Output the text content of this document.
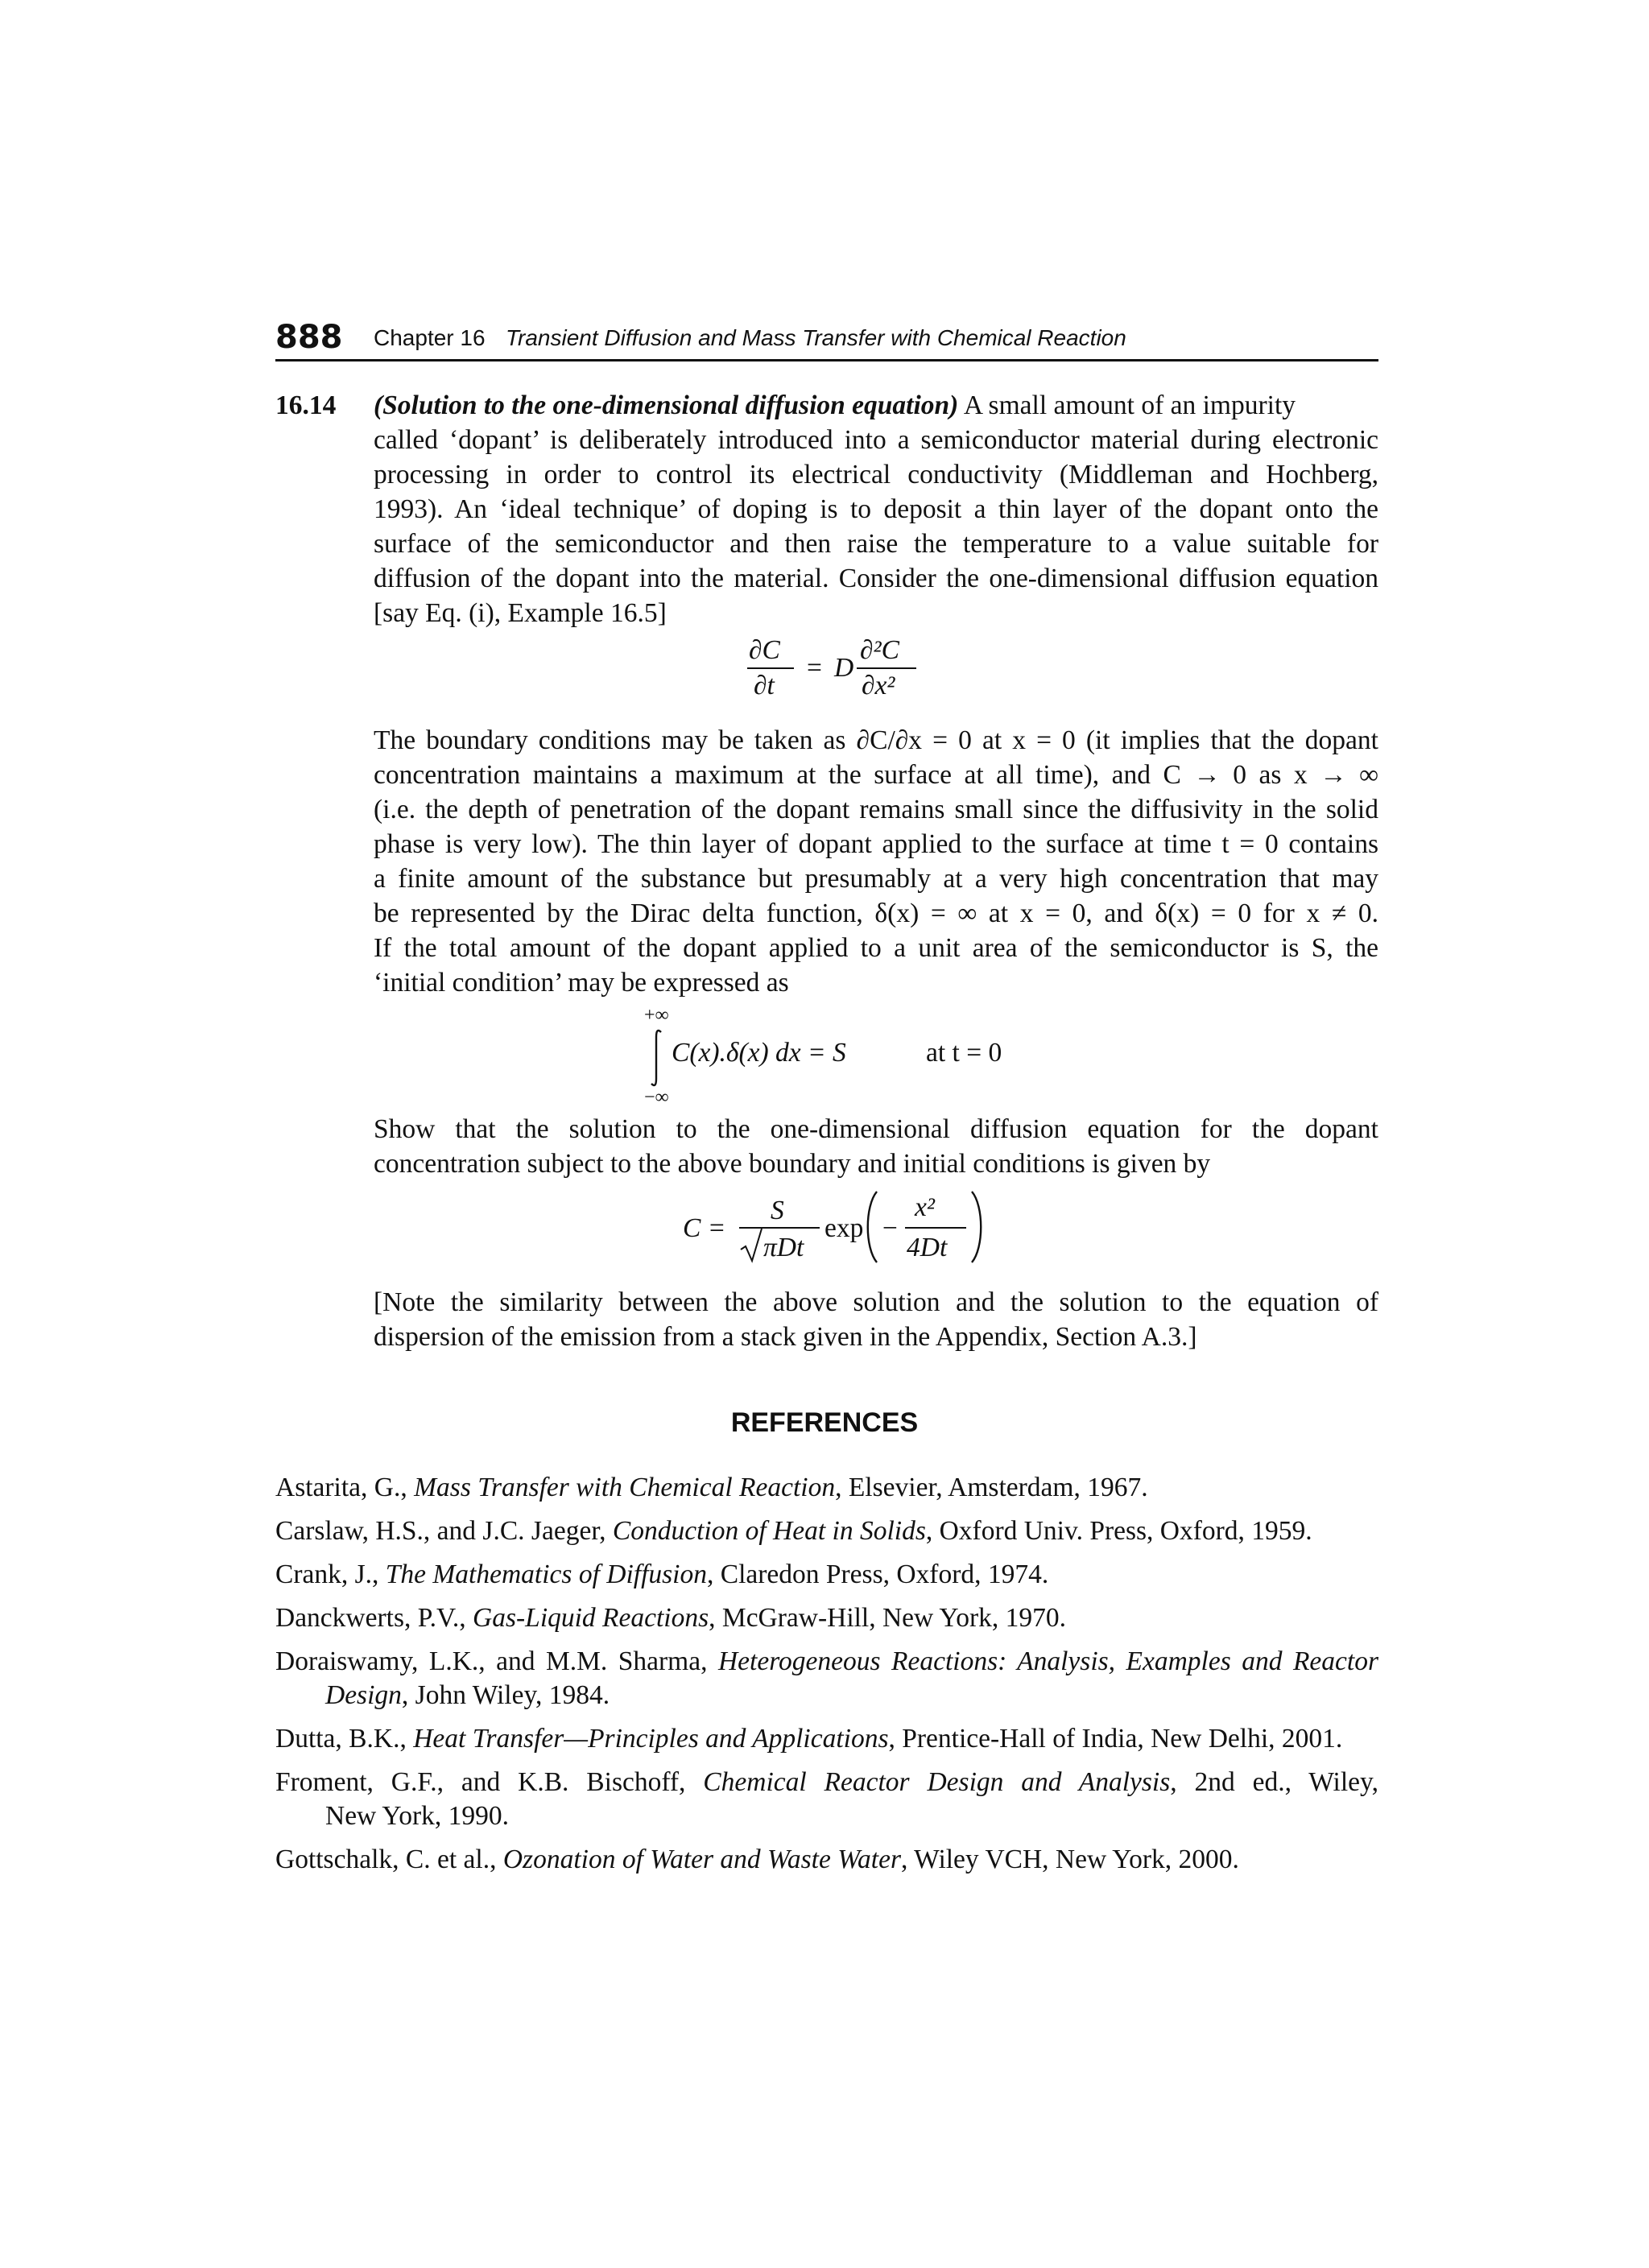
888 Chapter 16 Transient Diffusion and Mass Transfer with Chemical Reaction
16.14 (Solution to the one-dimensional diffusion equation) A small amount of an impurity
called ‘dopant’ is deliberately introduced into a semiconductor material during electronic
processing in order to control its electrical conductivity (Middleman and Hochberg,
1993). An ‘ideal technique’ of doping is to deposit a thin layer of the dopant onto the
surface of the semiconductor and then raise the temperature to a value suitable for
diffusion of the dopant into the material. Consider the one-dimensional diffusion equation
[say Eq. (i), Example 16.5]
∂C
∂t
= D
∂²C
∂x²
The boundary conditions may be taken as ∂C/∂x = 0 at x = 0 (it implies that the dopant
concentration maintains a maximum at the surface at all time), and C → 0 as x → ∞
(i.e. the depth of penetration of the dopant remains small since the diffusivity in the solid
phase is very low). The thin layer of dopant applied to the surface at time t = 0 contains
a finite amount of the substance but presumably at a very high concentration that may
be represented by the Dirac delta function, δ(x) = ∞ at x = 0, and δ(x) = 0 for x ≠ 0.
If the total amount of the dopant applied to a unit area of the semiconductor is S, the
‘initial condition’ may be expressed as
+∞
−∞
C(x).δ(x) dx = S	at t = 0
Show that the solution to the one-dimensional diffusion equation for the dopant
concentration subject to the above boundary and initial conditions is given by
C =
S
πDt
exp −
x²
4Dt
[Note the similarity between the above solution and the solution to the equation of
dispersion of the emission from a stack given in the Appendix, Section A.3.]
REFERENCES
Astarita, G., Mass Transfer with Chemical Reaction, Elsevier, Amsterdam, 1967.
Carslaw, H.S., and J.C. Jaeger, Conduction of Heat in Solids, Oxford Univ. Press, Oxford, 1959.
Crank, J., The Mathematics of Diffusion, Claredon Press, Oxford, 1974.
Danckwerts, P.V., Gas-Liquid Reactions, McGraw-Hill, New York, 1970.
Doraiswamy, L.K., and M.M. Sharma, Heterogeneous Reactions: Analysis, Examples and Reactor
Design, John Wiley, 1984.
Dutta, B.K., Heat Transfer—Principles and Applications, Prentice-Hall of India, New Delhi, 2001.
Froment, G.F., and K.B. Bischoff, Chemical Reactor Design and Analysis, 2nd ed., Wiley,
New York, 1990.
Gottschalk, C. et al., Ozonation of Water and Waste Water, Wiley VCH, New York, 2000.
